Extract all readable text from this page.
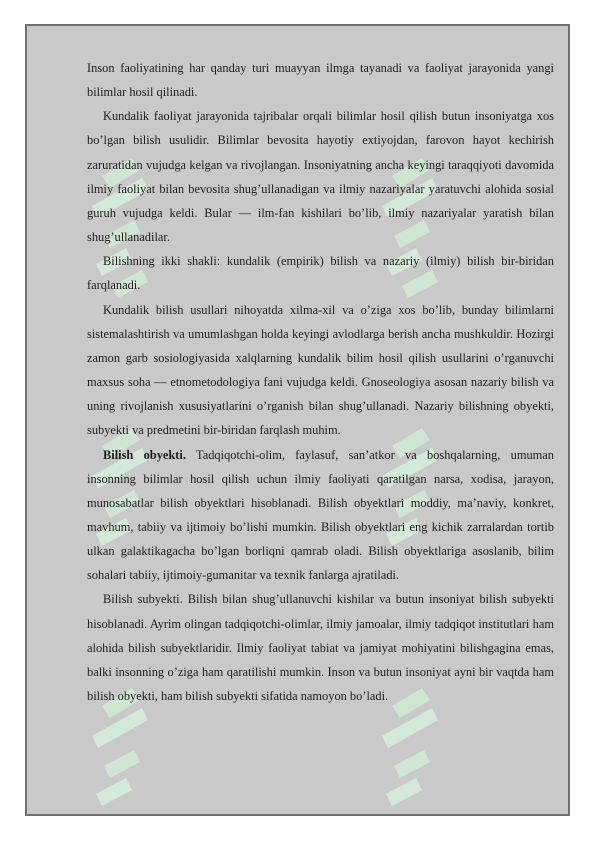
Inson faoliyatining har qanday turi muayyan ilmga tayanadi va faoliyat jarayonida yangi bilimlar hosil qilinadi.

Kundalik faoliyat jarayonida tajribalar orqali bilimlar hosil qilish butun insoniyatga xos bo’lgan bilish usulidir. Bilimlar bevosita hayotiy extiyojdan, farovon hayot kechirish zaruratidan vujudga kelgan va rivojlangan. Insoniyatning ancha keyingi taraqqiyoti davomida ilmiy faoliyat bilan bevosita shug’ullanadigan va ilmiy nazariyalar yaratuvchi alohida sosial guruh vujudga keldi. Bular — ilm-fan kishilari bo’lib, ilmiy nazariyalar yaratish bilan shug’ullanadilar.

Bilishning ikki shakli: kundalik (empirik) bilish va nazariy (ilmiy) bilish bir-biridan farqlanadi.

Kundalik bilish usullari nihoyatda xilma-xil va o’ziga xos bo’lib, bunday bilimlarni sistemalashtirish va umumlashgan holda keyingi avlodlarga berish ancha mushkuldir. Hozirgi zamon garb sosiologiyasida xalqlarning kundalik bilim hosil qilish usullarini o’rganuvchi maxsus soha — etnometodologiya fani vujudga keldi. Gnoseologiya asosan nazariy bilish va uning rivojlanish xususiyatlarini o’rganish bilan shug’ullanadi. Nazariy bilishning obyekti, subyekti va predmetini bir-biridan farqlash muhim.

Bilish obyekti. Tadqiqotchi-olim, faylasuf, san’atkor va boshqalarning, umuman insonning bilimlar hosil qilish uchun ilmiy faoliyati qaratilgan narsa, xodisa, jarayon, munosabatlar bilish obyektlari hisoblanadi. Bilish obyektlari moddiy, ma’naviy, konkret, mavhum, tabiiy va ijtimoiy bo’lishi mumkin. Bilish obyektlari eng kichik zarralardan tortib ulkan galaktikagacha bo’lgan borliqni qamrab oladi. Bilish obyektlariga asoslanib, bilim sohalari tabiiy, ijtimoiy-gumanitar va texnik fanlarga ajratiladi.

Bilish subyekti. Bilish bilan shug’ullanuvchi kishilar va butun insoniyat bilish subyekti hisoblanadi. Ayrim olingan tadqiqotchi-olimlar, ilmiy jamoalar, ilmiy tadqiqot institutlari ham alohida bilish subyektlaridir. Ilmiy faoliyat tabiat va jamiyat mohiyatini bilishgagina emas, balki insonning o’ziga ham qaratilishi mumkin. Inson va butun insoniyat ayni bir vaqtda ham bilish obyekti, ham bilish subyekti sifatida namoyon bo’ladi.
